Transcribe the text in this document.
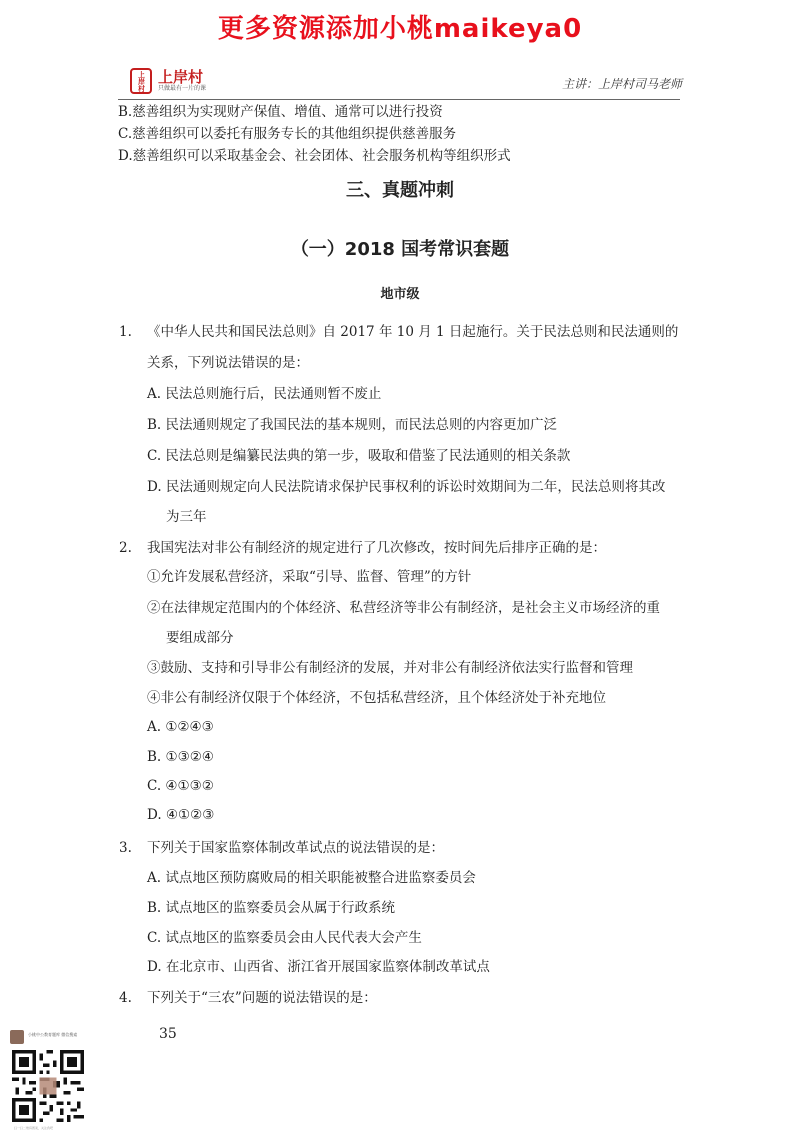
更多资源添加小桃maikeya0
上岸村 上岸村
只做最有一片的课	主讲：上岸村司马老师
B.慈善组织为实现财产保值、增值、通常可以进行投资
C.慈善组织可以委托有服务专长的其他组织提供慈善服务
D.慈善组织可以采取基金会、社会团体、社会服务机构等组织形式
三、真题冲刺
（一）2018 国考常识套题
地市级
1. 《中华人民共和国民法总则》自 2017 年 10 月 1 日起施行。关于民法总则和民法通则的
关系，下列说法错误的是：
A. 民法总则施行后，民法通则暂不废止
B. 民法通则规定了我国民法的基本规则，而民法总则的内容更加广泛
C. 民法总则是编纂民法典的第一步，吸取和借鉴了民法通则的相关条款
D. 民法通则规定向人民法院请求保护民事权利的诉讼时效期间为二年，民法总则将其改
为三年
2. 我国宪法对非公有制经济的规定进行了几次修改，按时间先后排序正确的是：
①允许发展私营经济，采取“引导、监督、管理”的方针
②在法律规定范围内的个体经济、私营经济等非公有制经济，是社会主义市场经济的重
要组成部分
③鼓励、支持和引导非公有制经济的发展，并对非公有制经济依法实行监督和管理
④非公有制经济仅限于个体经济，不包括私营经济，且个体经济处于补充地位
A. ①②④③
B. ①③②④
C. ④①③②
D. ④①②③
3. 下列关于国家监察体制改革试点的说法错误的是：
A. 试点地区预防腐败局的相关职能被整合进监察委员会
B. 试点地区的监察委员会从属于行政系统
C. 试点地区的监察委员会由人民代表大会产生
D. 在北京市、山西省、浙江省开展国家监察体制改革试点
4. 下列关于“三农”问题的说法错误的是：
35
小桃中公教育题库 微信搜索
扫一扫二维码图案，关注我吧
